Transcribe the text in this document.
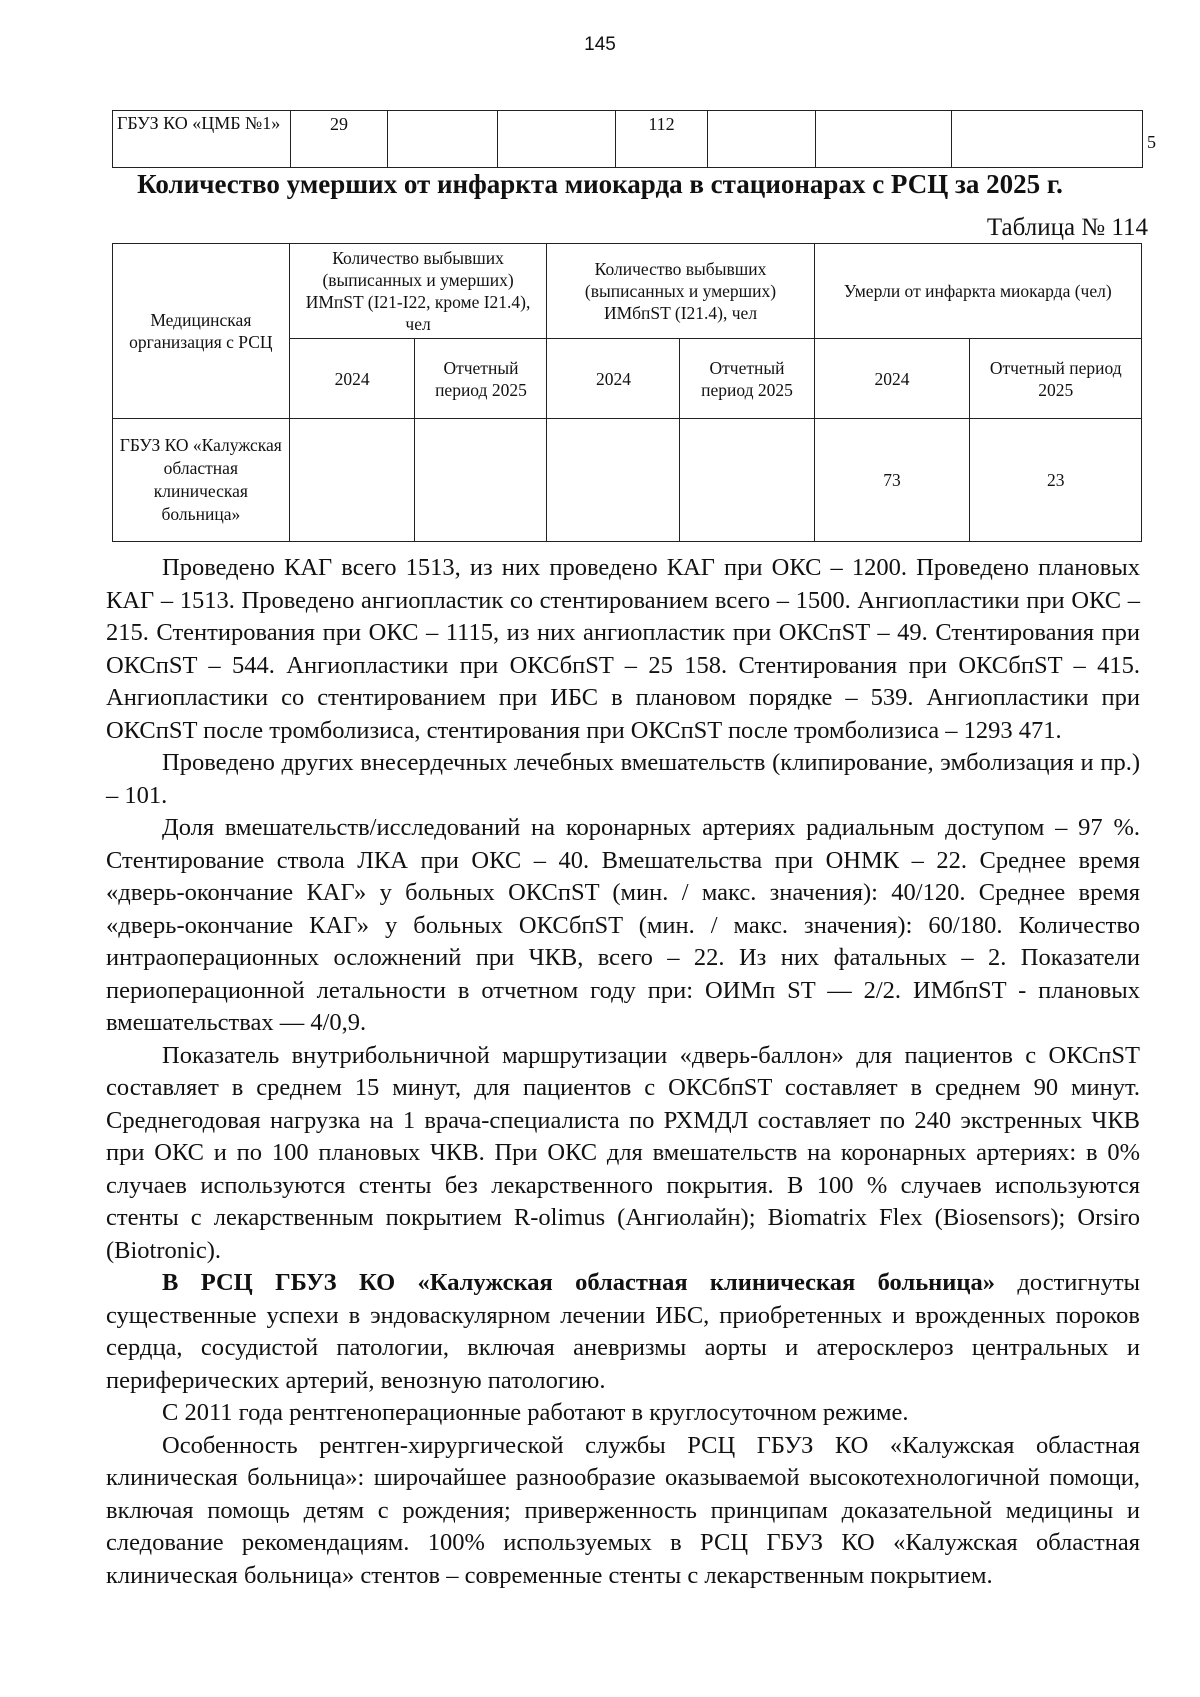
145
ГБУЗ КО «ЦМБ №1»	29			112				5
Количество умерших от инфаркта миокарда в стационарах с РСЦ за 2025 г.
Таблица № 114
Медицинская организация с РСЦ	Количество выбывших (выписанных и умерших) ИМпST (I21-I22, кроме I21.4), чел		Количество выбывших (выписанных и умерших) ИМбпST (I21.4), чел		Умерли от инфаркта миокарда (чел)	
	2024	Отчетный период 2025	2024	Отчетный период 2025	2024	Отчетный период 2025
ГБУЗ КО «Калужская областная клиническая больница»					73	23

Проведено КАГ всего 1513, из них проведено КАГ при ОКС – 1200. Проведено плановых КАГ – 1513. Проведено ангиопластик со стентированием всего – 1500. Ангиопластики при ОКС – 215. Стентирования при ОКС – 1115, из них ангиопластик при ОКСпST – 49. Стентирования при ОКСпST – 544. Ангиопластики при ОКСбпST – 25 158. Стентирования при ОКСбпST – 415. Ангиопластики со стентированием при ИБС в плановом порядке – 539. Ангиопластики при ОКСпST после тромболизиса, стентирования при ОКСпST после тромболизиса – 1293 471.

Проведено других внесердечных лечебных вмешательств (клипирование, эмболизация и пр.) – 101.

Доля вмешательств/исследований на коронарных артериях радиальным доступом – 97 %. Стентирование ствола ЛКА при ОКС – 40. Вмешательства при ОНМК – 22. Среднее время «дверь-окончание КАГ» у больных ОКСпST (мин. / макс. значения): 40/120. Среднее время «дверь-окончание КАГ» у больных ОКСбпST (мин. / макс. значения): 60/180. Количество интраоперационных осложнений при ЧКВ, всего – 22. Из них фатальных – 2. Показатели периоперационной летальности в отчетном году при: ОИМп ST — 2/2. ИМбпST - плановых вмешательствах — 4/0,9.

Показатель внутрибольничной маршрутизации «дверь-баллон» для пациентов с ОКСпST составляет в среднем 15 минут, для пациентов с ОКСбпST составляет в среднем 90 минут. Среднегодовая нагрузка на 1 врача-специалиста по РХМДЛ составляет по 240 экстренных ЧКВ при ОКС и по 100 плановых ЧКВ. При ОКС для вмешательств на коронарных артериях: в 0% случаев используются стенты без лекарственного покрытия. В 100 % случаев используются стенты с лекарственным покрытием R-olimus (Ангиолайн); Biomatrix Flex (Biosensors); Orsiro (Biotronic).

В РСЦ ГБУЗ КО «Калужская областная клиническая больница» достигнуты существенные успехи в эндоваскулярном лечении ИБС, приобретенных и врожденных пороков сердца, сосудистой патологии, включая аневризмы аорты и атеросклероз центральных и периферических артерий, венозную патологию.

С 2011 года рентгеноперационные работают в круглосуточном режиме.

Особенность рентген-хирургической службы РСЦ ГБУЗ КО «Калужская областная клиническая больница»: широчайшее разнообразие оказываемой высокотехнологичной помощи, включая помощь детям с рождения; приверженность принципам доказательной медицины и следование рекомендациям. 100% используемых в РСЦ ГБУЗ КО «Калужская областная клиническая больница» стентов – современные стенты с лекарственным покрытием.
